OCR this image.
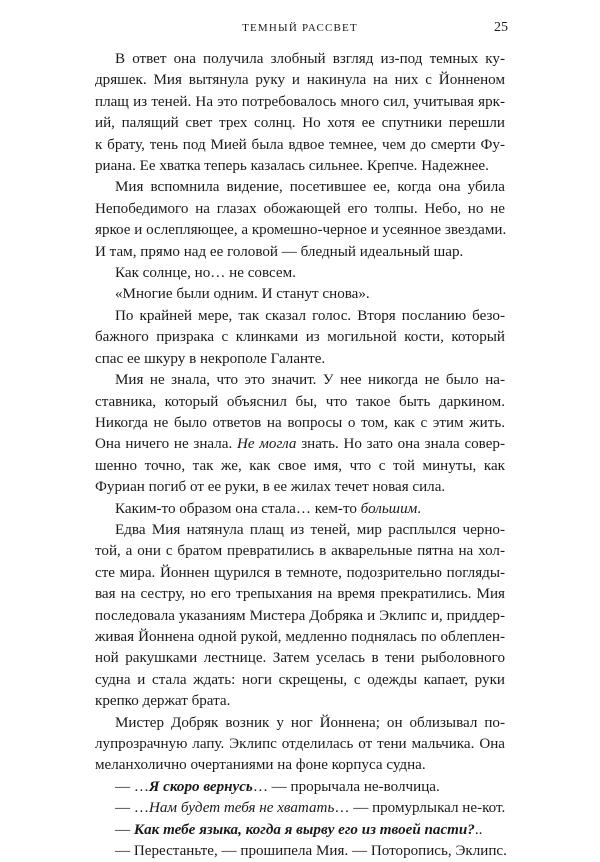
ТЕМНЫЙ РАССВЕТ	25

В ответ она получила злобный взгляд из-под темных ку-
дряшек. Мия вытянула руку и накинула на них с Йонненом
плащ из теней. На это потребовалось много сил, учитывая ярк-
ий, палящий свет трех солнц. Но хотя ее спутники перешли
к брату, тень под Мией была вдвое темнее, чем до смерти Фу-
риана. Ее хватка теперь казалась сильнее. Крепче. Надежнее.

Мия вспомнила видение, посетившее ее, когда она убила
Непобедимого на глазах обожающей его толпы. Небо, но не
яркое и ослепляющее, а кромешно-черное и усеянное звездами.
И там, прямо над ее головой — бледный идеальный шар.

Как солнце, но… не совсем.

«Многие были одним. И станут снова».

По крайней мере, так сказал голос. Вторя посланию безо-
бажного призрака с клинками из могильной кости, который
спас ее шкуру в некрополе Галанте.

Мия не знала, что это значит. У нее никогда не было на-
ставника, который объяснил бы, что такое быть даркином.
Никогда не было ответов на вопросы о том, как с этим жить.
Она ничего не знала. Не могла знать. Но зато она знала совер-
шенно точно, так же, как свое имя, что с той минуты, как
Фуриан погиб от ее руки, в ее жилах течет новая сила.

Каким-то образом она стала… кем-то большим.

Едва Мия натянула плащ из теней, мир расплылся черно-
той, а они с братом превратились в акварельные пятна на хол-
сте мира. Йоннен щурился в темноте, подозрительно погляды-
вая на сестру, но его трепыхания на время прекратились. Мия
последовала указаниям Мистера Добряка и Эклипс и, приддер-
живая Йоннена одной рукой, медленно поднялась по облеплен-
ной ракушками лестнице. Затем уселась в тени рыболовного
судна и стала ждать: ноги скрещены, с одежды капает, руки
крепко держат брата.

Мистер Добряк возник у ног Йоннена; он облизывал по-
лупрозрачную лапу. Эклипс отделилась от тени мальчика. Она
меланхолично очертаниями на фоне корпуса судна.

— …Я скоро вернусь… — прорычала не-волчица.

— …Нам будет тебя не хватать… — промурлыкал не-кот.

— Как тебе языка, когда я вырву его из твоей пасти?..

— Перестаньте, — прошипела Мия. — Поторопись, Эклипс.
